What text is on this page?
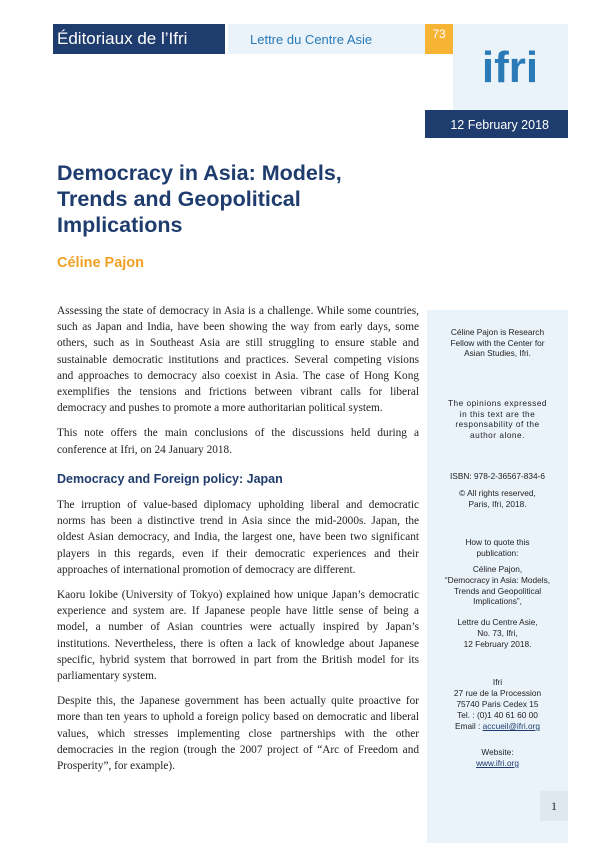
Éditoriaux de l’Ifri	Lettre du Centre Asie	73
ifri
12 February 2018
Democracy in Asia: Models, Trends and Geopolitical Implications

Céline Pajon

Assessing the state of democracy in Asia is a challenge. While some countries, such as Japan and India, have been showing the way from early days, some others, such as in Southeast Asia are still struggling to ensure stable and sustainable democratic institutions and practices. Several competing visions and approaches to democracy also coexist in Asia. The case of Hong Kong exemplifies the tensions and frictions between vibrant calls for liberal democracy and pushes to promote a more authoritarian political system.

This note offers the main conclusions of the discussions held during a conference at Ifri, on 24 January 2018.

Democracy and Foreign policy: Japan

The irruption of value-based diplomacy upholding liberal and democratic norms has been a distinctive trend in Asia since the mid-2000s. Japan, the oldest Asian democracy, and India, the largest one, have been two significant players in this regards, even if their democratic experiences and their approaches of international promotion of democracy are different.

Kaoru Iokibe (University of Tokyo) explained how unique Japan’s democratic experience and system are. If Japanese people have little sense of being a model, a number of Asian countries were actually inspired by Japan’s institutions. Nevertheless, there is often a lack of knowledge about Japanese specific, hybrid system that borrowed in part from the British model for its parliamentary system.

Despite this, the Japanese government has been actually quite proactive for more than ten years to uphold a foreign policy based on democratic and liberal values, which stresses implementing close partnerships with the other democracies in the region (trough the 2007 project of “Arc of Freedom and Prosperity”, for example).

Céline Pajon is Research Fellow with the Center for Asian Studies, Ifri.
The opinions expressed in this text are the responsability of the author alone.
ISBN: 978-2-36567-834-6
© All rights reserved, Paris, Ifri, 2018.
How to quote this publication:
Céline Pajon,
“Democracy in Asia: Models, Trends and Geopolitical Implications”,
Lettre du Centre Asie,
No. 73, Ifri,
12 February 2018.
Ifri
27 rue de la Procession
75740 Paris Cedex 15
Tel. : (0)1 40 61 60 00
Email : accueil@ifri.org
Website:
www.ifri.org
1
